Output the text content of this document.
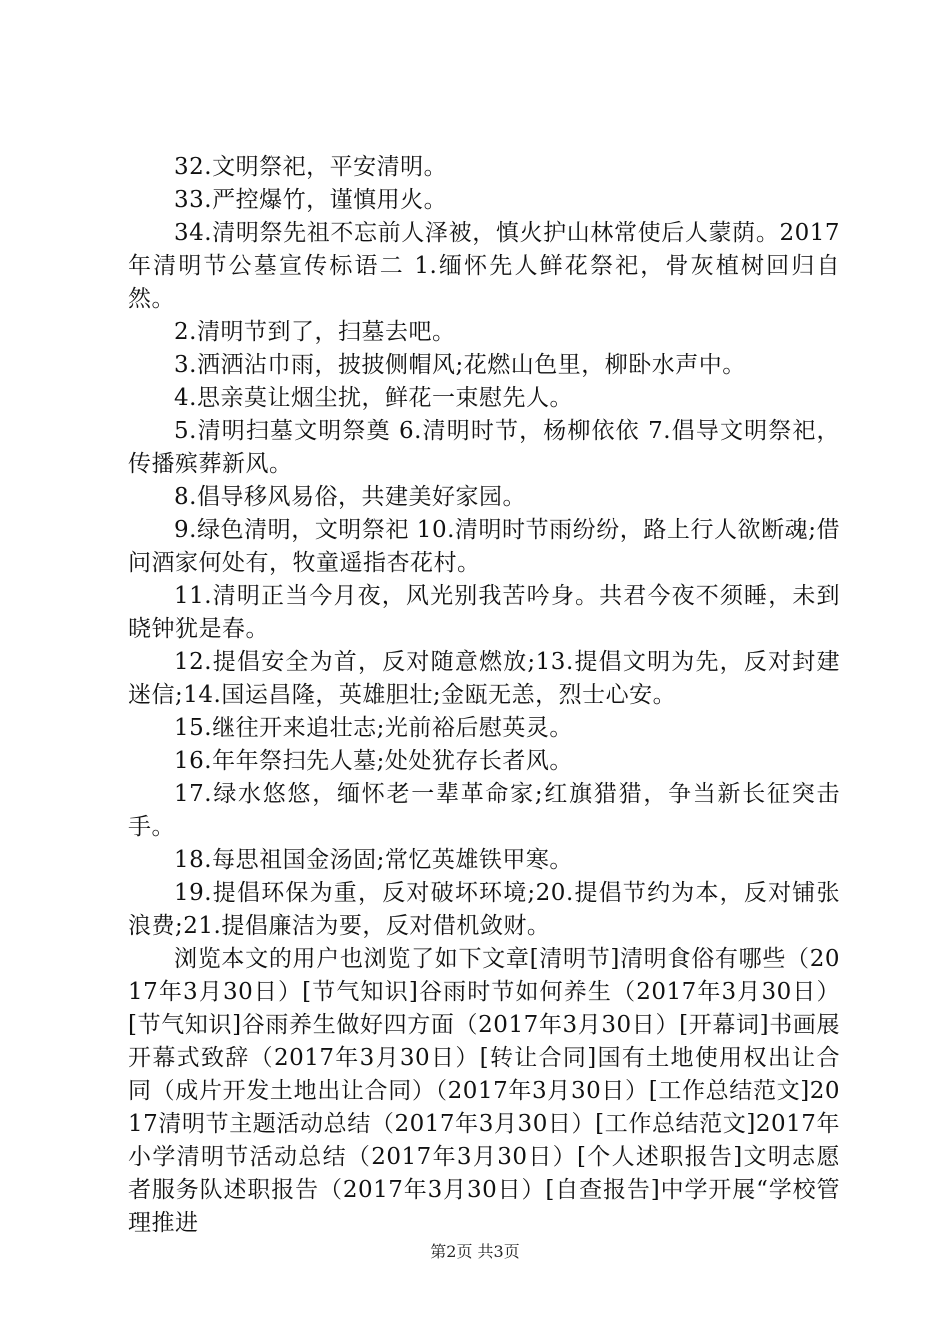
32.文明祭祀，平安清明。

33.严控爆竹，谨慎用火。

34.清明祭先祖不忘前人泽被，慎火护山林常使后人蒙荫。2017年清明节公墓宣传标语二 1.缅怀先人鲜花祭祀，骨灰植树回归自然。

2.清明节到了，扫墓去吧。

3.洒洒沾巾雨，披披侧帽风;花燃山色里，柳卧水声中。

4.思亲莫让烟尘扰，鲜花一束慰先人。

5.清明扫墓文明祭奠 6.清明时节，杨柳依依 7.倡导文明祭祀，传播殡葬新风。

8.倡导移风易俗，共建美好家园。

9.绿色清明，文明祭祀 10.清明时节雨纷纷，路上行人欲断魂;借问酒家何处有，牧童遥指杏花村。

11.清明正当今月夜，风光别我苦吟身。共君今夜不须睡，未到晓钟犹是春。

12.提倡安全为首，反对随意燃放;13.提倡文明为先，反对封建迷信;14.国运昌隆，英雄胆壮;金瓯无恙，烈士心安。

15.继往开来追壮志;光前裕后慰英灵。

16.年年祭扫先人墓;处处犹存长者风。

17.绿水悠悠，缅怀老一辈革命家;红旗猎猎，争当新长征突击手。

18.每思祖国金汤固;常忆英雄铁甲寒。

19.提倡环保为重，反对破坏环境;20.提倡节约为本，反对铺张浪费;21.提倡廉洁为要，反对借机敛财。

浏览本文的用户也浏览了如下文章[清明节]清明食俗有哪些（2017年3月30日）[节气知识]谷雨时节如何养生（2017年3月30日）[节气知识]谷雨养生做好四方面（2017年3月30日）[开幕词]书画展开幕式致辞（2017年3月30日）[转让合同]国有土地使用权出让合同（成片开发土地出让合同）（2017年3月30日）[工作总结范文]2017清明节主题活动总结（2017年3月30日）[工作总结范文]2017年小学清明节活动总结（2017年3月30日）[个人述职报告]文明志愿者服务队述职报告（2017年3月30日）[自查报告]中学开展“学校管理推进

第2页 共3页
